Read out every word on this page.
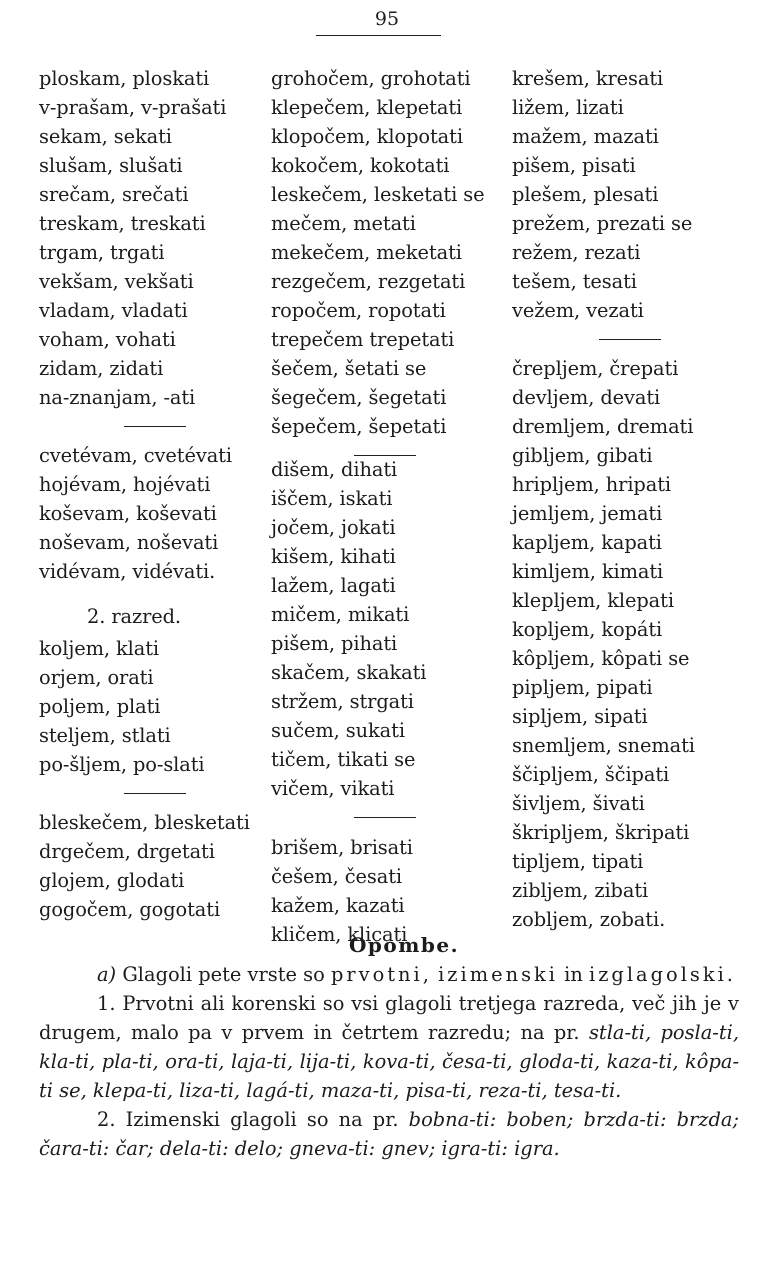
95
ploskam, ploskati
v-prašam, v-prašati
sekam, sekati
slušam, slušati
srečam, srečati
treskam, treskati
trgam, trgati
vekšam, vekšati
vladam, vladati
voham, vohati
zidam, zidati
na-znanjam, -ati
cvetévam, cvetévati
hojévam, hojévati
koševam, koševati
noševam, noševati
vidévam, vidévati.
2. razred.
koljem, klati
orjem, orati
poljem, plati
steljem, stlati
po-šljem, po-slati
bleskečem, blesketati
drgečem, drgetati
glojem, glodati
gogočem, gogotati
grohočem, grohotati
klepečem, klepetati
klopočem, klopotati
kokočem, kokotati
leskečem, lesketati se
mečem, metati
mekečem, meketati
rezgečem, rezgetati
ropočem, ropotati
trepečem trepetati
šečem, šetati se
šegečem, šegetati
šepečem, šepetati
dišem, dihati
iščem, iskati
jočem, jokati
kišem, kihati
lažem, lagati
mičem, mikati
pišem, pihati
skačem, skakati
stržem, strgati
sučem, sukati
tičem, tikati se
vičem, vikati
brišem, brisati
češem, česati
kažem, kazati
kličem, klicati
krešem, kresati
ližem, lizati
mažem, mazati
pišem, pisati
plešem, plesati
prežem, prezati se
režem, rezati
tešem, tesati
vežem, vezati
črepljem, črepati
devljem, devati
dremljem, dremati
gibljem, gibati
hripljem, hripati
jemljem, jemati
kapljem, kapati
kimljem, kimati
klepljem, klepati
kopljem, kopáti
kôpljem, kôpati se
pipljem, pipati
sipljem, sipati
snemljem, snemati
ščipljem, ščipati
šivljem, šivati
škripljem, škripati
tipljem, tipati
zibljem, zibati
zobljem, zobati.
Opombe.
a) Glagoli pete vrste so prvotni, izimenski in izglagolski.
1. Prvotni ali korenski so vsi glagoli tretjega razreda, več jih je v drugem, malo pa v prvem in četrtem razredu; na pr. stla-ti, posla-ti, kla-ti, pla-ti, ora-ti, laja-ti, lija-ti, kova-ti, česa-ti, gloda-ti, kaza-ti, kôpa-ti se, klepa-ti, liza-ti, lagá-ti, maza-ti, pisa-ti, reza-ti, tesa-ti.
2. Izimenski glagoli so na pr. bobna-ti: boben; brzda-ti: brzda; čara-ti: čar; dela-ti: delo; gneva-ti: gnev; igra-ti: igra.
